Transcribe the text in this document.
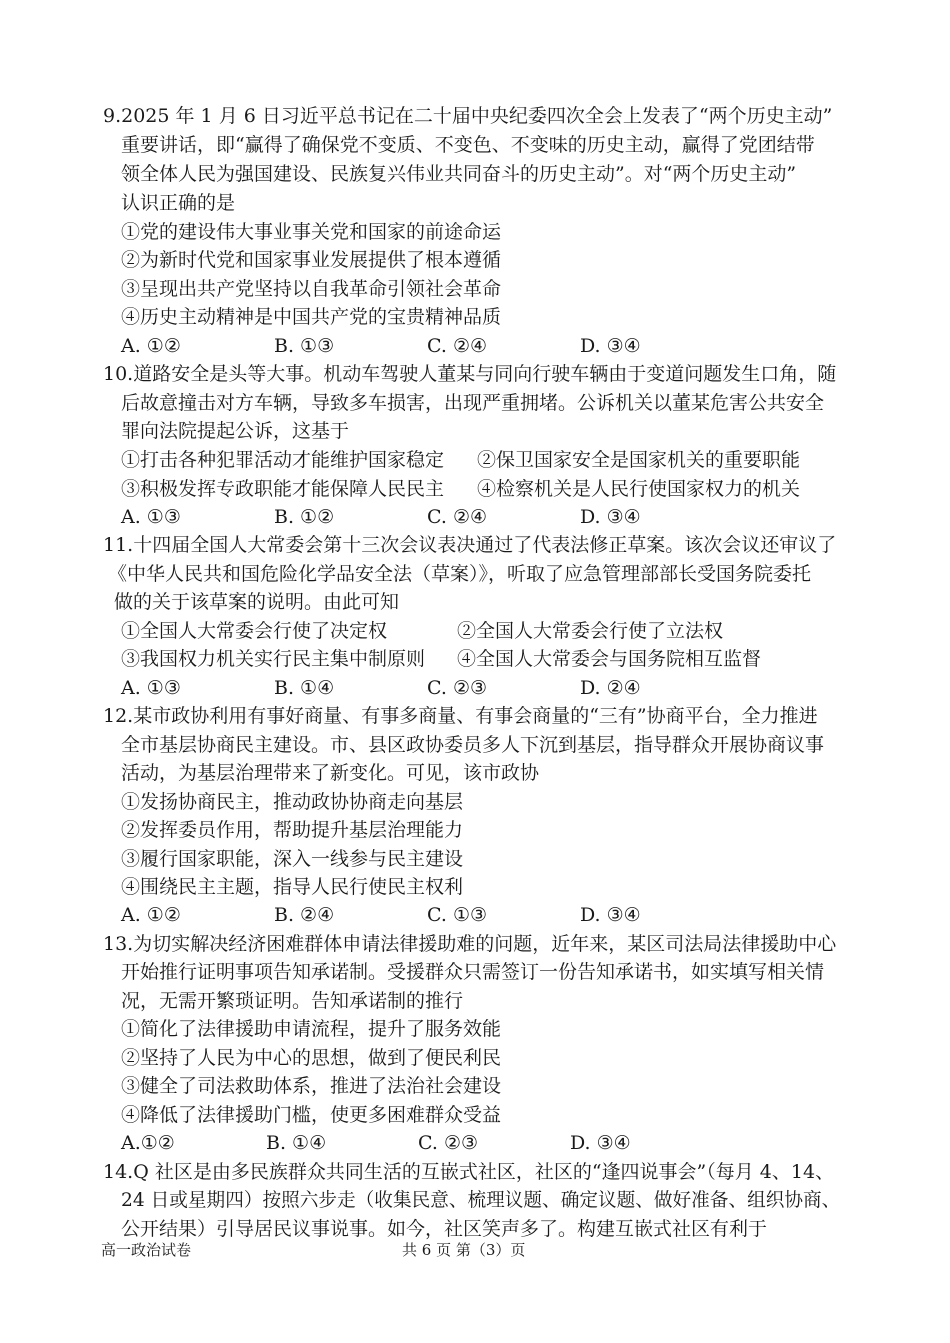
9.2025 年 1 月 6 日习近平总书记在二十届中央纪委四次全会上发表了“两个历史主动”
重要讲话，即“赢得了确保党不变质、不变色、不变味的历史主动，赢得了党团结带
领全体人民为强国建设、民族复兴伟业共同奋斗的历史主动”。对“两个历史主动”
认识正确的是
①党的建设伟大事业事关党和国家的前途命运
②为新时代党和国家事业发展提供了根本遵循
③呈现出共产党坚持以自我革命引领社会革命
④历史主动精神是中国共产党的宝贵精神品质
A. ①②	B. ①③	C. ②④	D. ③④
10.道路安全是头等大事。机动车驾驶人董某与同向行驶车辆由于变道问题发生口角，随
后故意撞击对方车辆，导致多车损害，出现严重拥堵。公诉机关以董某危害公共安全
罪向法院提起公诉，这基于
①打击各种犯罪活动才能维护国家稳定 ②保卫国家安全是国家机关的重要职能
③积极发挥专政职能才能保障人民民主 ④检察机关是人民行使国家权力的机关
A. ①③	B. ①②	C. ②④	D. ③④
11.十四届全国人大常委会第十三次会议表决通过了代表法修正草案。该次会议还审议了
《中华人民共和国危险化学品安全法（草案）》，听取了应急管理部部长受国务院委托
做的关于该草案的说明。由此可知
①全国人大常委会行使了决定权	②全国人大常委会行使了立法权
③我国权力机关实行民主集中制原则 ④全国人大常委会与国务院相互监督
A. ①③	B. ①④	C. ②③	D. ②④
12.某市政协利用有事好商量、有事多商量、有事会商量的“三有”协商平台，全力推进
全市基层协商民主建设。市、县区政协委员多人下沉到基层，指导群众开展协商议事
活动，为基层治理带来了新变化。可见，该市政协
①发扬协商民主，推动政协协商走向基层
②发挥委员作用，帮助提升基层治理能力
③履行国家职能，深入一线参与民主建设
④围绕民主主题，指导人民行使民主权利
A. ①②	B. ②④	C. ①③	D. ③④
13.为切实解决经济困难群体申请法律援助难的问题，近年来，某区司法局法律援助中心
开始推行证明事项告知承诺制。受援群众只需签订一份告知承诺书，如实填写相关情
况，无需开繁琐证明。告知承诺制的推行
①简化了法律援助申请流程，提升了服务效能
②坚持了人民为中心的思想，做到了便民利民
③健全了司法救助体系，推进了法治社会建设
④降低了法律援助门槛，使更多困难群众受益
A.①②	B. ①④	C. ②③	D. ③④
14.Q 社区是由多民族群众共同生活的互嵌式社区，社区的“逢四说事会”（每月 4、14、
24 日或星期四）按照六步走（收集民意、梳理议题、确定议题、做好准备、组织协商、
公开结果）引导居民议事说事。如今，社区笑声多了。构建互嵌式社区有利于
高一政治试卷	共 6 页 第（3）页
